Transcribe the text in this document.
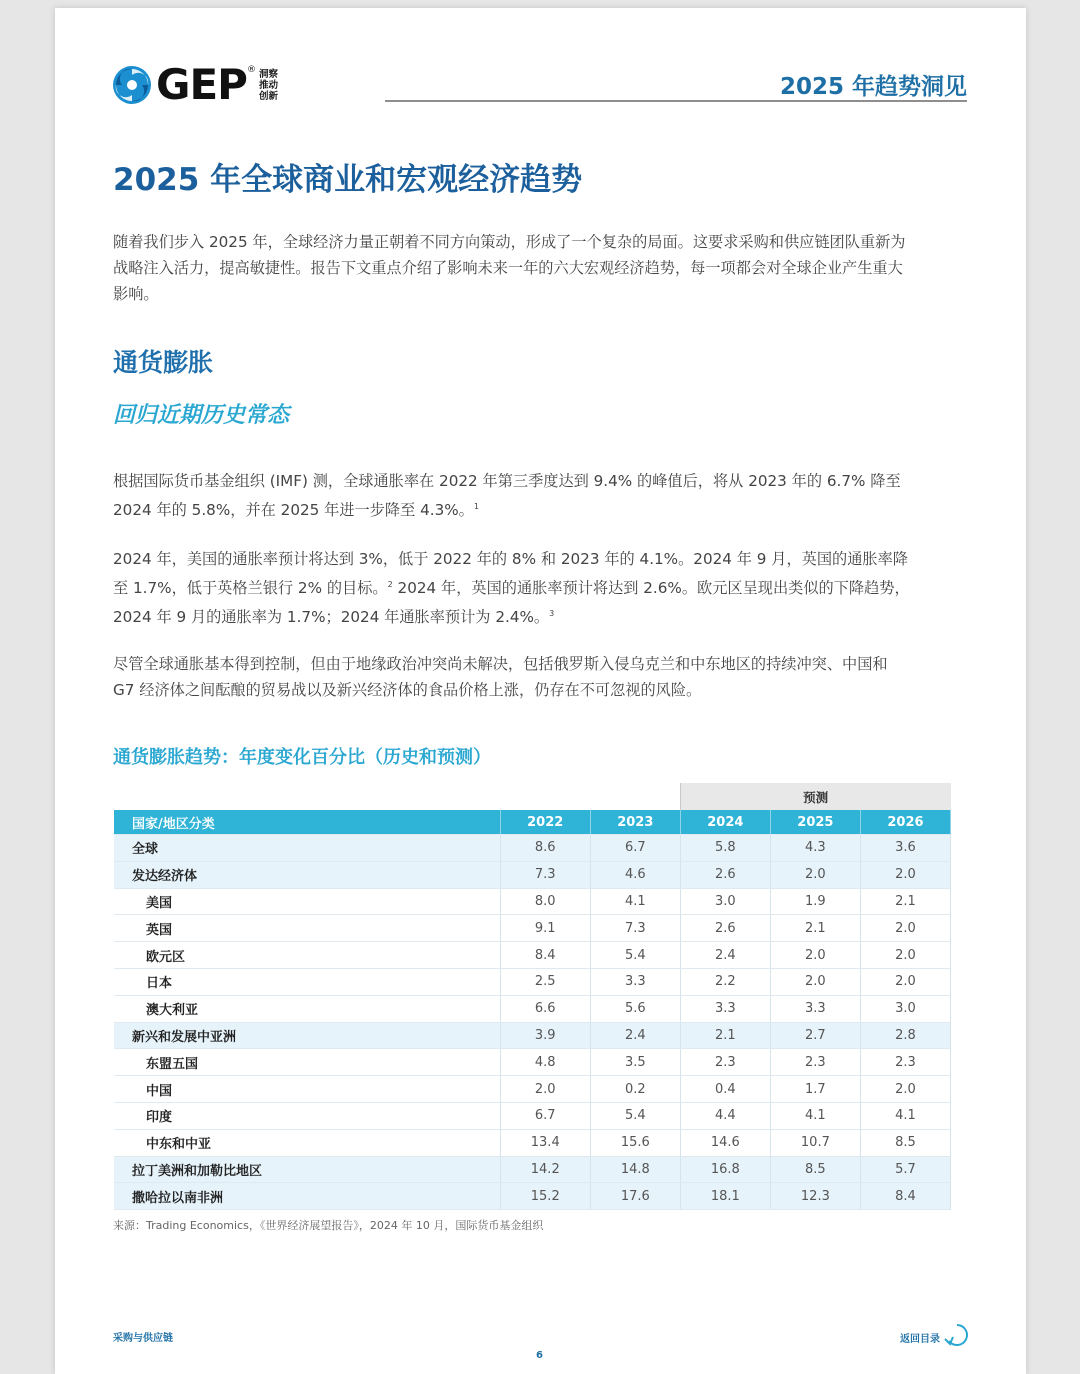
GEP ® 洞察
推动
创新	2025 年趋势洞见
2025 年全球商业和宏观经济趋势

随着我们步入 2025 年，全球经济力量正朝着不同方向策动，形成了一个复杂的局面。这要求采购和供应链团队重新为战略注入活力，提高敏捷性。报告下文重点介绍了影响未来一年的六大宏观经济趋势，每一项都会对全球企业产生重大影响。

通货膨胀
回归近期历史常态

根据国际货币基金组织 (IMF) 测，全球通胀率在 2022 年第三季度达到 9.4% 的峰值后，将从 2023 年的 6.7% 降至 2024 年的 5.8%，并在 2025 年进一步降至 4.3%。$^1$

2024 年，美国的通胀率预计将达到 3%，低于 2022 年的 8% 和 2023 年的 4.1%。2024 年 9 月，英国的通胀率降至 1.7%，低于英格兰银行 2% 的目标。$^2$ 2024 年，英国的通胀率预计将达到 2.6%。欧元区呈现出类似的下降趋势，2024 年 9 月的通胀率为 1.7%；2024 年通胀率预计为 2.4%。$^3$

尽管全球通胀基本得到控制，但由于地缘政治冲突尚未解决，包括俄罗斯入侵乌克兰和中东地区的持续冲突、中国和 G7 经济体之间酝酿的贸易战以及新兴经济体的食品价格上涨，仍存在不可忽视的风险。

通货膨胀趋势：年度变化百分比（历史和预测）
			预测		
国家/地区分类	2022	2023	2024	2025	2026
全球	8.6	6.7	5.8	4.3	3.6
发达经济体	7.3	4.6	2.6	2.0	2.0
美国	8.0	4.1	3.0	1.9	2.1
英国	9.1	7.3	2.6	2.1	2.0
欧元区	8.4	5.4	2.4	2.0	2.0
日本	2.5	3.3	2.2	2.0	2.0
澳大利亚	6.6	5.6	3.3	3.3	3.0
新兴和发展中亚洲	3.9	2.4	2.1	2.7	2.8
东盟五国	4.8	3.5	2.3	2.3	2.3
中国	2.0	0.2	0.4	1.7	2.0
印度	6.7	5.4	4.4	4.1	4.1
中东和中亚	13.4	15.6	14.6	10.7	8.5
拉丁美洲和加勒比地区	14.2	14.8	16.8	8.5	5.7
撒哈拉以南非洲	15.2	17.6	18.1	12.3	8.4

来源：Trading Economics，《世界经济展望报告》，2024 年 10 月，国际货币基金组织

采购与供应链
6
返回目录
